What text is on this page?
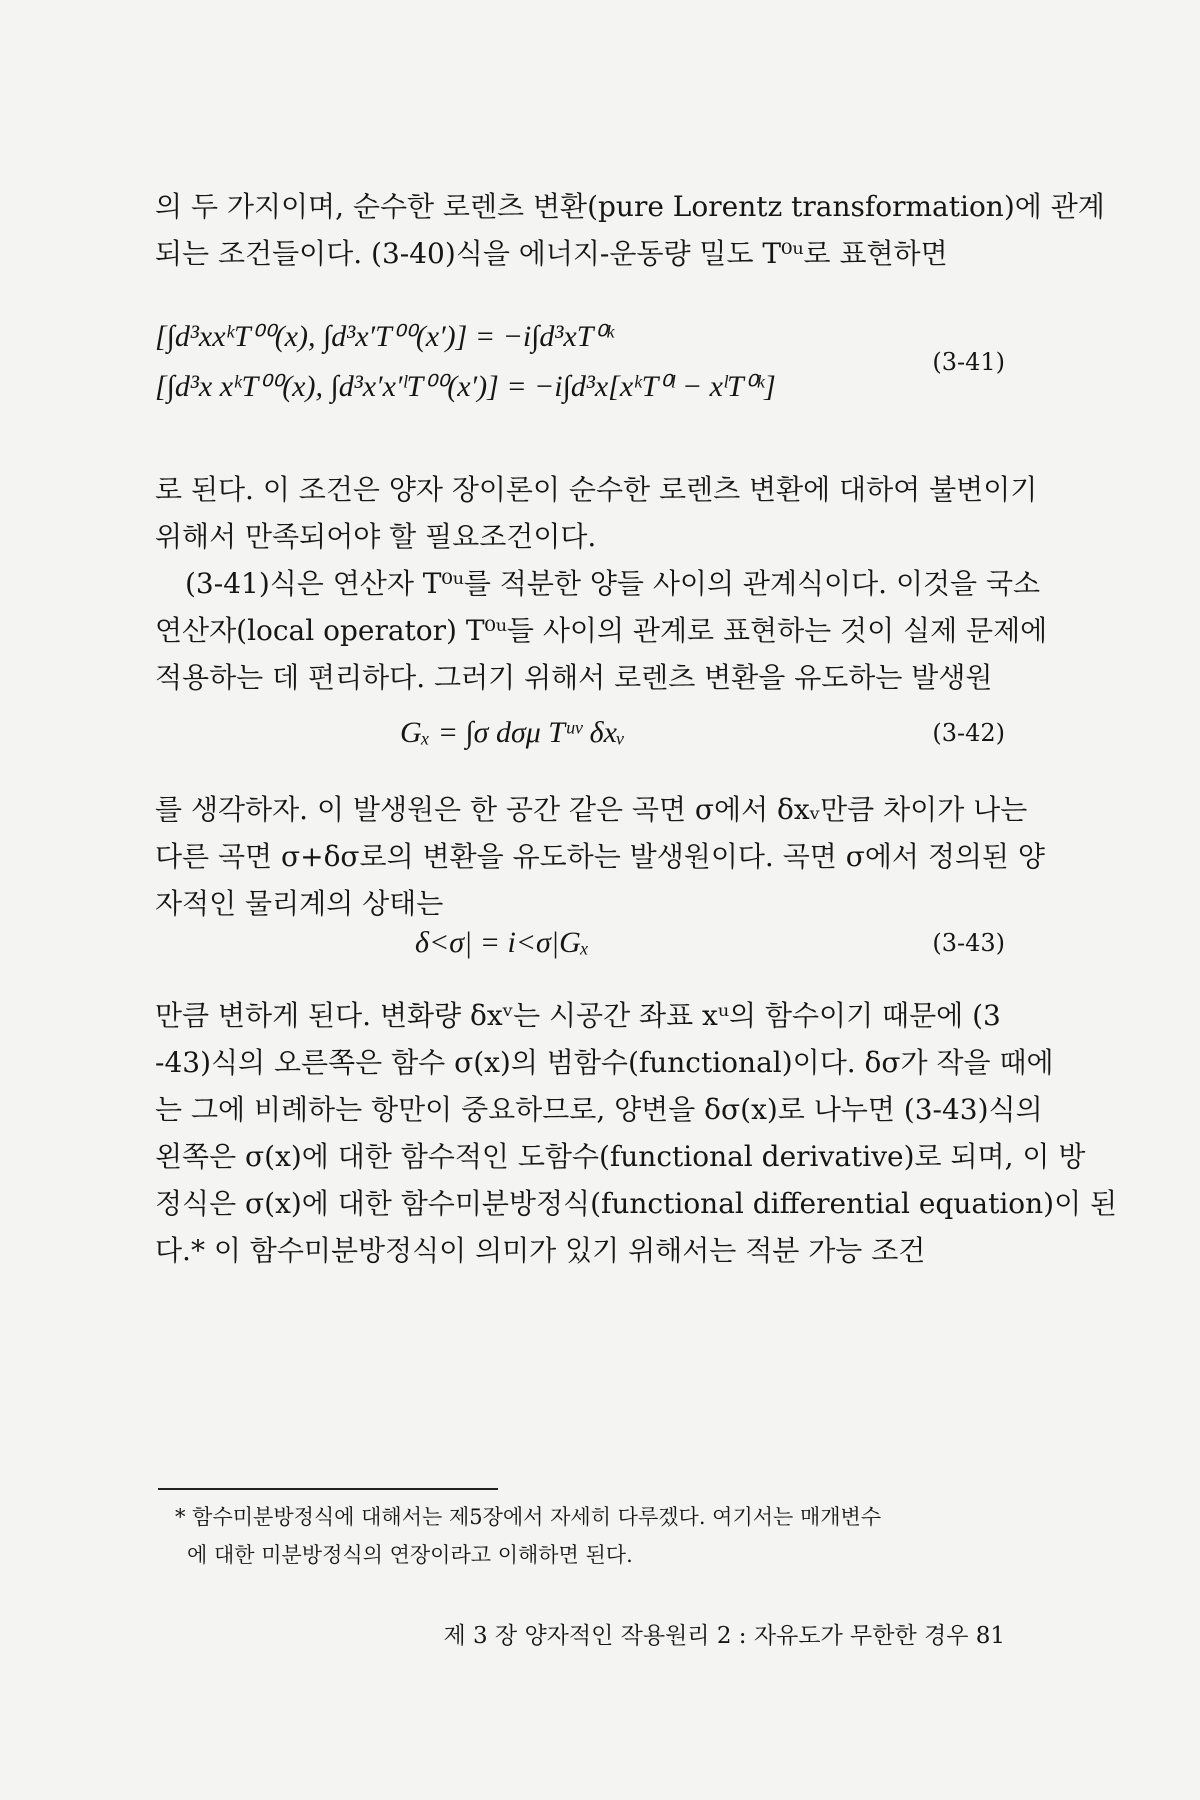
의 두 가지이며, 순수한 로렌츠 변환(pure Lorentz transformation)에 관계
되는 조건들이다. (3-40)식을 에너지-운동량 밀도 T⁰ᵘ로 표현하면
[∫d³xxᵏT⁰⁰(x), ∫d³x′T⁰⁰(x′)] = −i∫d³xT⁰ᵏ
[∫d³x xᵏT⁰⁰(x), ∫d³x′x′ˡT⁰⁰(x′)] = −i∫d³x[xᵏT⁰ˡ − xˡT⁰ᵏ]
(3-41)
로 된다. 이 조건은 양자 장이론이 순수한 로렌츠 변환에 대하여 불변이기
위해서 만족되어야 할 필요조건이다.
(3-41)식은 연산자 T⁰ᵘ를 적분한 양들 사이의 관계식이다. 이것을 국소
연산자(local operator) T⁰ᵘ들 사이의 관계로 표현하는 것이 실제 문제에
적용하는 데 편리하다. 그러기 위해서 로렌츠 변환을 유도하는 발생원
Gₓ = ∫σ dσμ Tᵘᵛ δxᵥ	(3-42)
를 생각하자. 이 발생원은 한 공간 같은 곡면 σ에서 δxᵥ만큼 차이가 나는
다른 곡면 σ+δσ로의 변환을 유도하는 발생원이다. 곡면 σ에서 정의된 양
자적인 물리계의 상태는
δ<σ| = i<σ|Gₓ	(3-43)
만큼 변하게 된다. 변화량 δxᵛ는 시공간 좌표 xᵘ의 함수이기 때문에 (3
-43)식의 오른쪽은 함수 σ(x)의 범함수(functional)이다. δσ가 작을 때에
는 그에 비례하는 항만이 중요하므로, 양변을 δσ(x)로 나누면 (3-43)식의
왼쪽은 σ(x)에 대한 함수적인 도함수(functional derivative)로 되며, 이 방
정식은 σ(x)에 대한 함수미분방정식(functional differential equation)이 된
다.* 이 함수미분방정식이 의미가 있기 위해서는 적분 가능 조건
* 함수미분방정식에 대해서는 제5장에서 자세히 다루겠다. 여기서는 매개변수
에 대한 미분방정식의 연장이라고 이해하면 된다.
제 3 장 양자적인 작용원리 2 : 자유도가 무한한 경우 81
